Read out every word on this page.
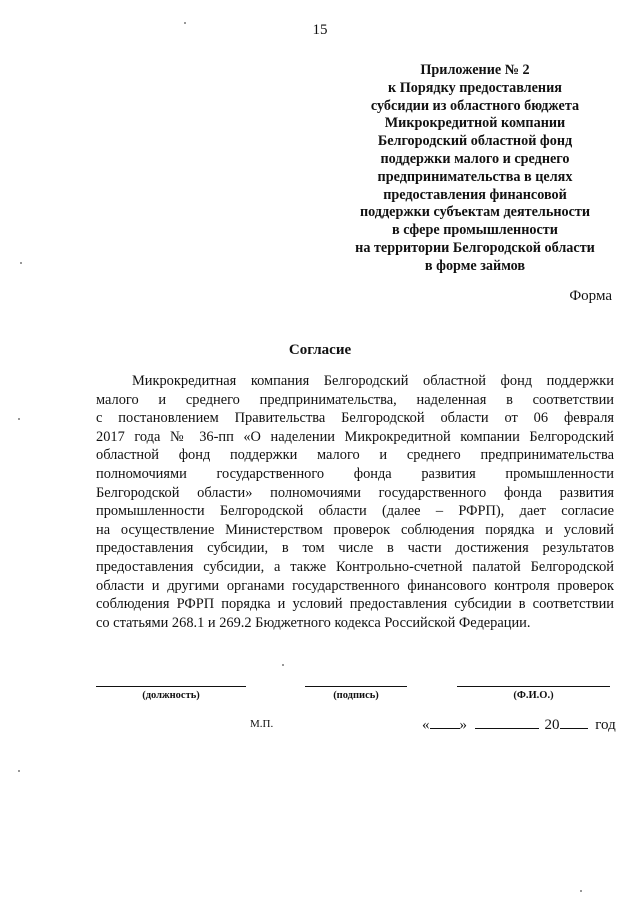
15
Приложение № 2
к Порядку предоставления
субсидии из областного бюджета
Микрокредитной компании
Белгородский областной фонд
поддержки малого и среднего
предпринимательства в целях
предоставления финансовой
поддержки субъектам деятельности
в сфере промышленности
на территории Белгородской области
в форме займов
Форма
Согласие
Микрокредитная компания Белгородский областной фонд поддержки
малого и среднего предпринимательства, наделенная в соответствии
с постановлением Правительства Белгородской области от 06 февраля
2017 года № 36-пп «О наделении Микрокредитной компании Белгородский
областной фонд поддержки малого и среднего предпринимательства
полномочиями государственного фонда развития промышленности
Белгородской области» полномочиями государственного фонда развития
промышленности Белгородской области (далее – РФРП), дает согласие
на осуществление Министерством проверок соблюдения порядка и условий
предоставления субсидии, в том числе в части достижения результатов
предоставления субсидии, а также Контрольно-счетной палатой Белгородской
области и другими органами государственного финансового контроля проверок
соблюдения РФРП порядка и условий предоставления субсидии в соответствии
со статьями 268.1 и 269.2 Бюджетного кодекса Российской Федерации.
(должность)	(подпись)	(Ф.И.О.)
М.П.	« »	20 год
